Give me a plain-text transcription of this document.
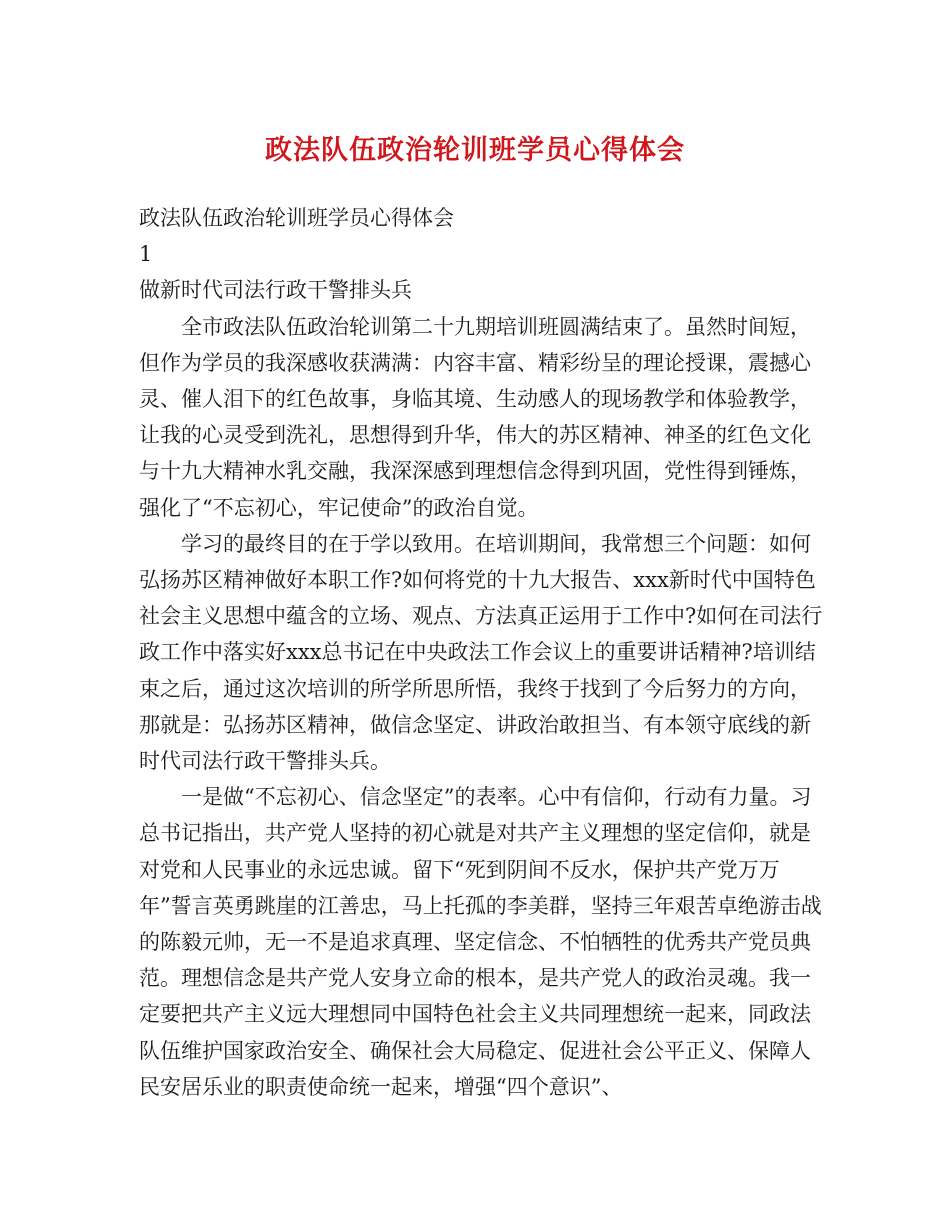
政法队伍政治轮训班学员心得体会

政法队伍政治轮训班学员心得体会

1

做新时代司法行政干警排头兵

全市政法队伍政治轮训第二十九期培训班圆满结束了。虽然时间短，但作为学员的我深感收获满满：内容丰富、精彩纷呈的理论授课，震撼心灵、催人泪下的红色故事，身临其境、生动感人的现场教学和体验教学，让我的心灵受到洗礼，思想得到升华，伟大的苏区精神、神圣的红色文化与十九大精神水乳交融，我深深感到理想信念得到巩固，党性得到锤炼，强化了“不忘初心，牢记使命”的政治自觉。

学习的最终目的在于学以致用。在培训期间，我常想三个问题：如何弘扬苏区精神做好本职工作?如何将党的十九大报告、xxx新时代中国特色社会主义思想中蕴含的立场、观点、方法真正运用于工作中?如何在司法行政工作中落实好xxx总书记在中央政法工作会议上的重要讲话精神?培训结束之后，通过这次培训的所学所思所悟，我终于找到了今后努力的方向，那就是：弘扬苏区精神，做信念坚定、讲政治敢担当、有本领守底线的新时代司法行政干警排头兵。

一是做“不忘初心、信念坚定”的表率。心中有信仰，行动有力量。习总书记指出，共产党人坚持的初心就是对共产主义理想的坚定信仰，就是对党和人民事业的永远忠诚。留下“死到阴间不反水，保护共产党万万年”誓言英勇跳崖的江善忠，马上托孤的李美群，坚持三年艰苦卓绝游击战的陈毅元帅，无一不是追求真理、坚定信念、不怕牺牲的优秀共产党员典范。理想信念是共产党人安身立命的根本，是共产党人的政治灵魂。我一定要把共产主义远大理想同中国特色社会主义共同理想统一起来，同政法队伍维护国家政治安全、确保社会大局稳定、促进社会公平正义、保障人民安居乐业的职责使命统一起来，增强“四个意识”、
